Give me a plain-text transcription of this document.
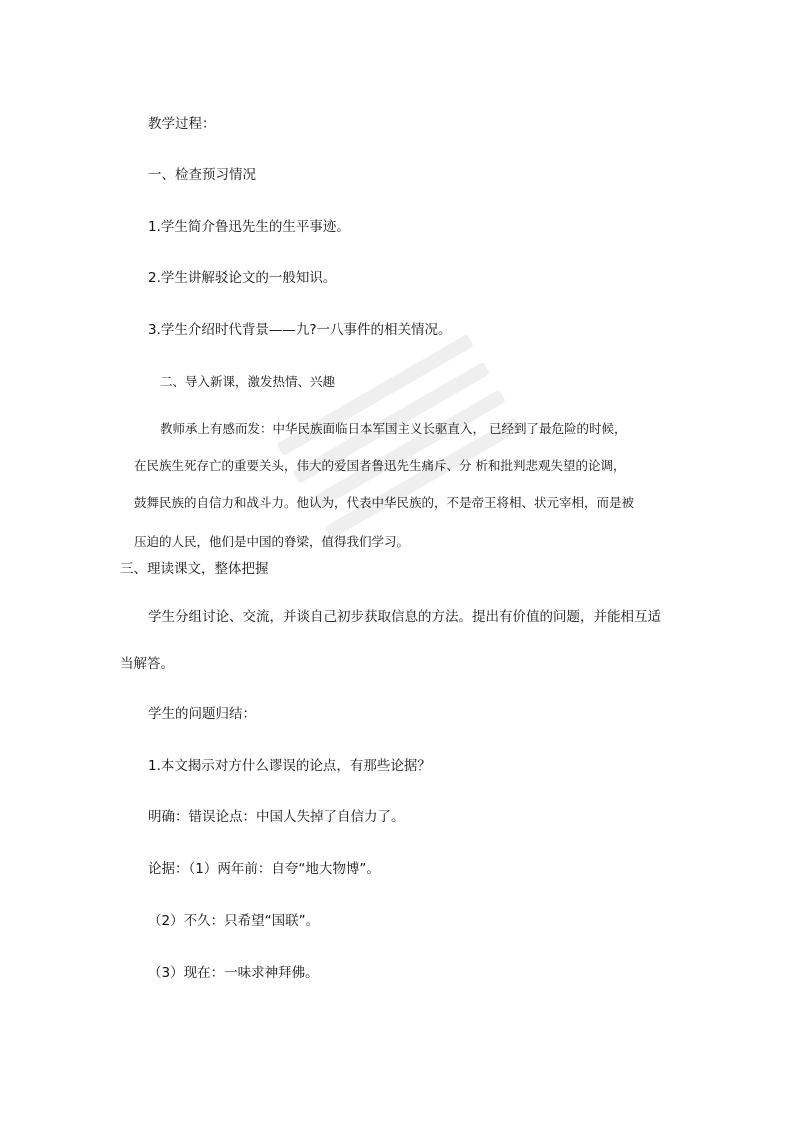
教学过程：
一、检查预习情况
1.学生简介鲁迅先生的生平事迹。
2.学生讲解驳论文的一般知识。
3.学生介绍时代背景——九?一八事件的相关情况。
二、导入新课，激发热情、兴趣
教师承上有感而发：中华民族面临日本军国主义长驱直入， 已经到了最危险的时候，
在民族生死存亡的重要关头，伟大的爱国者鲁迅先生痛斥、分 析和批判悲观失望的论调，
鼓舞民族的自信力和战斗力。他认为，代表中华民族的，不是帝王将相、状元宰相，而是被
压迫的人民，他们是中国的脊梁，值得我们学习。
三、理读课文，整体把握
学生分组讨论、交流，并谈自己初步获取信息的方法。提出有价值的问题，并能相互适
当解答。
学生的问题归结：
1.本文揭示对方什么谬误的论点，有那些论据？
明确：错误论点：中国人失掉了自信力了。
论据：（1）两年前：自夸“地大物博”。
（2）不久：只希望“国联”。
（3）现在：一味求神拜佛。
